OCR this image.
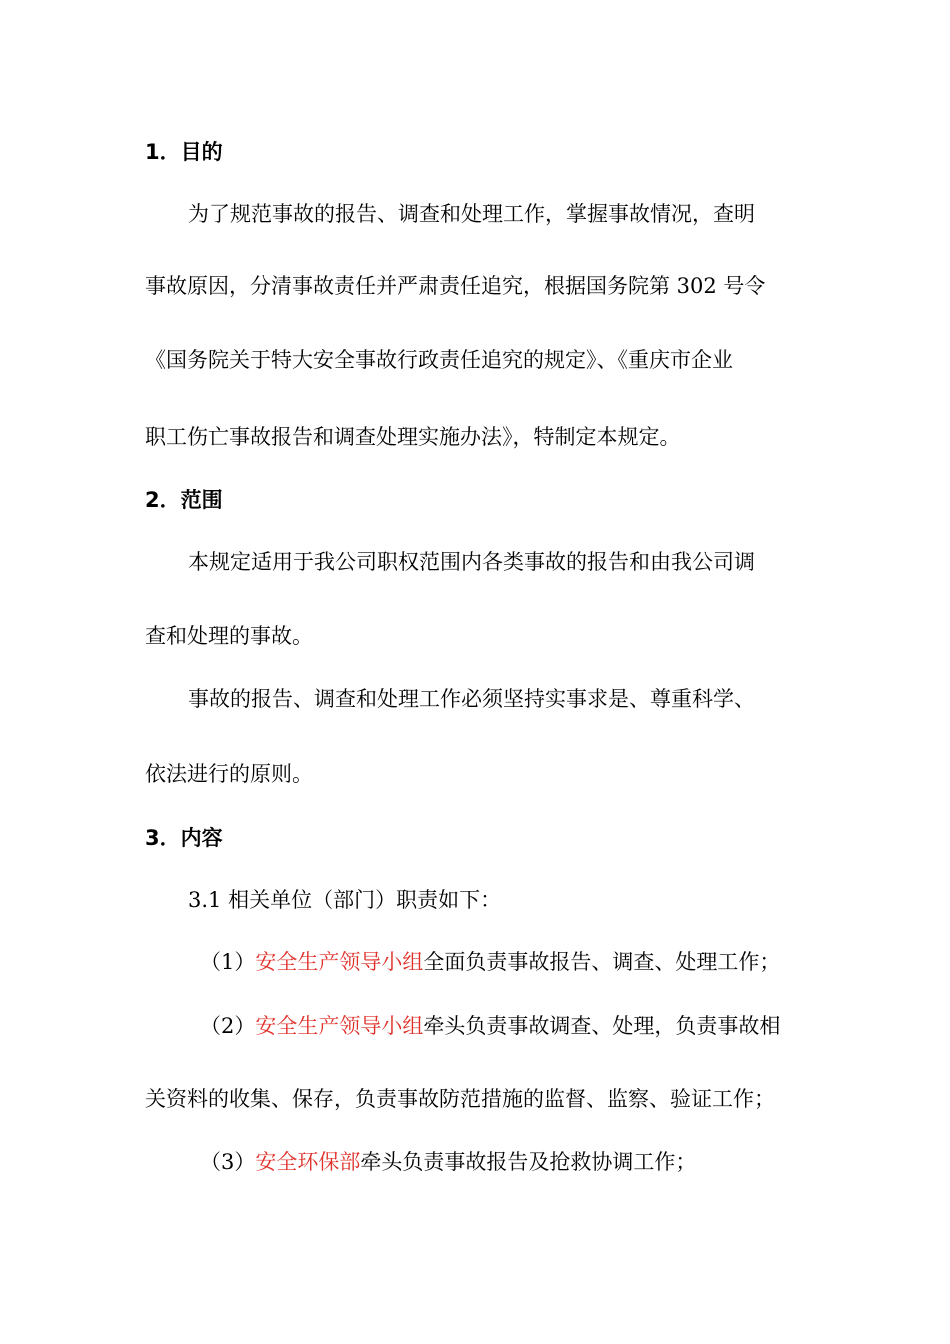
1．目的
为了规范事故的报告、调查和处理工作，掌握事故情况，查明
事故原因，分清事故责任并严肃责任追究，根据国务院第 302 号令
《国务院关于特大安全事故行政责任追究的规定》、《重庆市企业
职工伤亡事故报告和调查处理实施办法》，特制定本规定。
2．范围
本规定适用于我公司职权范围内各类事故的报告和由我公司调
查和处理的事故。
事故的报告、调查和处理工作必须坚持实事求是、尊重科学、
依法进行的原则。
3．内容
3.1 相关单位（部门）职责如下：
（1）安全生产领导小组全面负责事故报告、调查、处理工作；
（2）安全生产领导小组牵头负责事故调查、处理，负责事故相
关资料的收集、保存，负责事故防范措施的监督、监察、验证工作；
（3）安全环保部牵头负责事故报告及抢救协调工作；
